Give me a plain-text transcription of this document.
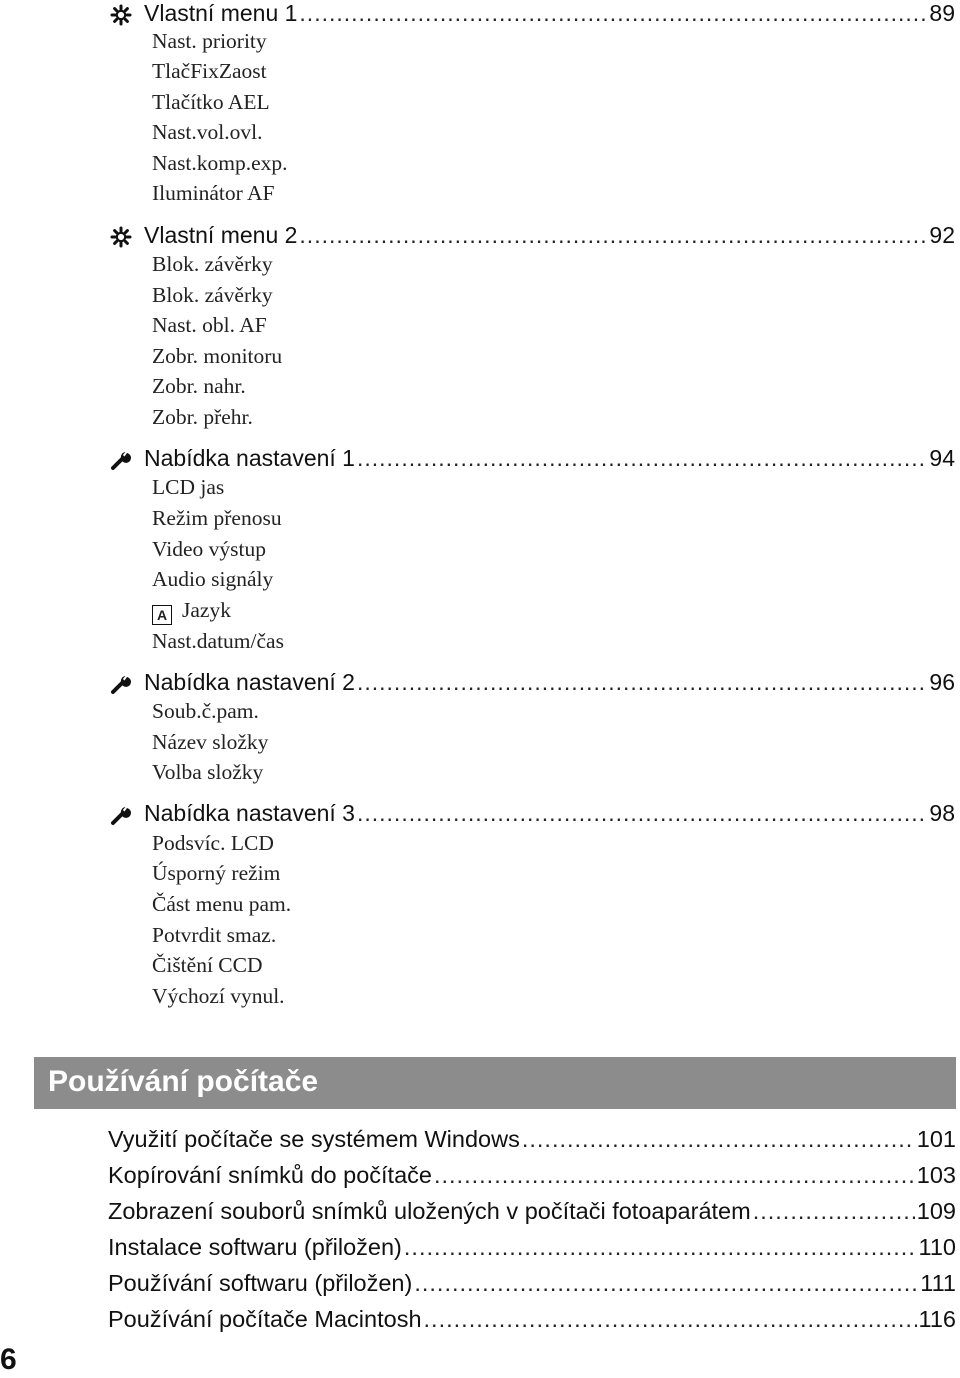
Vlastní menu 1 .....	89
Nast. priority
TlačFixZaost
Tlačítko AEL
Nast.vol.ovl.
Nast.komp.exp.
Iluminátor AF
Vlastní menu 2 .....	92
Blok. závěrky
Blok. závěrky
Nast. obl. AF
Zobr. monitoru
Zobr. nahr.
Zobr. přehr.
Nabídka nastavení 1 .....	94
LCD jas
Režim přenosu
Video výstup
Audio signály
A Jazyk
Nast.datum/čas
Nabídka nastavení 2 .....	96
Soub.č.pam.
Název složky
Volba složky
Nabídka nastavení 3 .....	98
Podsvíc. LCD
Úsporný režim
Část menu pam.
Potvrdit smaz.
Čištění CCD
Výchozí vynul.
Používání počítače
Využití počítače se systémem Windows .....	101
Kopírování snímků do počítače .....	103
Zobrazení souborů snímků uložených v počítači fotoaparátem .....	109
Instalace softwaru (přiložen) .....	110
Používání softwaru (přiložen) .....	111
Používání počítače Macintosh .....	116
6
